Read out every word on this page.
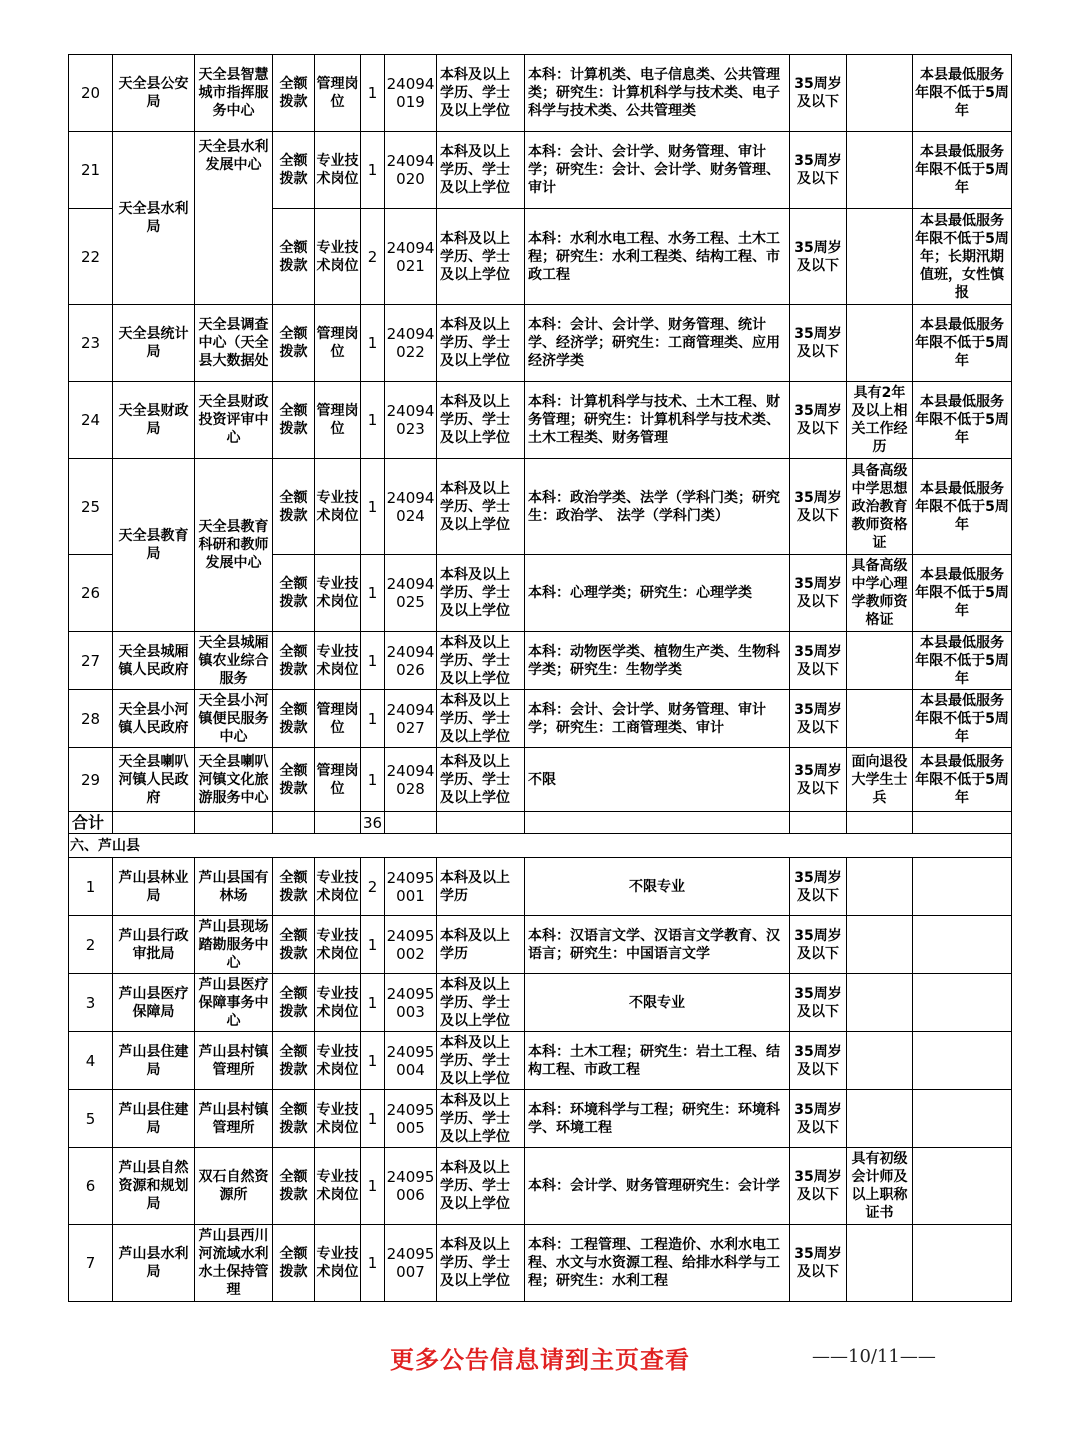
20	天全县公安局	天全县智慧城市指挥服务中心	全额拨款	管理岗位	1	24094019	本科及以上学历、学士及以上学位	本科：计算机类、电子信息类、公共管理类；研究生：计算机科学与技术类、电子科学与技术类、公共管理类	35周岁及以下		本县最低服务年限不低于5周年
21	天全县水利局	天全县水利发展中心	全额拨款	专业技术岗位	1	24094020	本科及以上学历、学士及以上学位	本科：会计、会计学、财务管理、审计学；研究生：会计、会计学、财务管理、审计	35周岁及以下		本县最低服务年限不低于5周年
22			全额拨款	专业技术岗位	2	24094021	本科及以上学历、学士及以上学位	本科：水利水电工程、水务工程、土木工程；研究生：水利工程类、结构工程、市政工程	35周岁及以下		本县最低服务年限不低于5周年；长期汛期值班，女性慎报
23	天全县统计局	天全县调查中心（天全县大数据处	全额拨款	管理岗位	1	24094022	本科及以上学历、学士及以上学位	本科：会计、会计学、财务管理、统计学、经济学；研究生：工商管理类、应用经济学类	35周岁及以下		本县最低服务年限不低于5周年
24	天全县财政局	天全县财政投资评审中心	全额拨款	管理岗位	1	24094023	本科及以上学历、学士及以上学位	本科：计算机科学与技术、土木工程、财务管理；研究生：计算机科学与技术类、土木工程类、财务管理	35周岁及以下	具有2年及以上相关工作经历	本县最低服务年限不低于5周年
25	天全县教育局	天全县教育科研和教师发展中心	全额拨款	专业技术岗位	1	24094024	本科及以上学历、学士及以上学位	本科：政治学类、法学（学科门类；研究生：政治学、 法学（学科门类）	35周岁及以下	具备高级中学思想政治教育教师资格证	本县最低服务年限不低于5周年
26			全额拨款	专业技术岗位	1	24094025	本科及以上学历、学士及以上学位	本科：心理学类；研究生：心理学类	35周岁及以下	具备高级中学心理学教师资格证	本县最低服务年限不低于5周年
27	天全县城厢镇人民政府	天全县城厢镇农业综合服务	全额拨款	专业技术岗位	1	24094026	本科及以上学历、学士及以上学位	本科：动物医学类、植物生产类、生物科学类；研究生：生物学类	35周岁及以下		本县最低服务年限不低于5周年
28	天全县小河镇人民政府	天全县小河镇便民服务中心	全额拨款	管理岗位	1	24094027	本科及以上学历、学士及以上学位	本科：会计、会计学、财务管理、审计学；研究生：工商管理类、审计	35周岁及以下		本县最低服务年限不低于5周年
29	天全县喇叭河镇人民政府	天全县喇叭河镇文化旅游服务中心	全额拨款	管理岗位	1	24094028	本科及以上学历、学士及以上学位	不限	35周岁及以下	面向退役大学生士兵	本县最低服务年限不低于5周年
合计					36						
六、芦山县											
1	芦山县林业局	芦山县国有林场	全额拨款	专业技术岗位	2	24095001	本科及以上学历	不限专业	35周岁及以下		
2	芦山县行政审批局	芦山县现场踏勘服务中心	全额拨款	专业技术岗位	1	24095002	本科及以上学历	本科：汉语言文学、汉语言文学教育、汉语言；研究生：中国语言文学	35周岁及以下		
3	芦山县医疗保障局	芦山县医疗保障事务中心	全额拨款	专业技术岗位	1	24095003	本科及以上学历、学士及以上学位	不限专业	35周岁及以下		
4	芦山县住建局	芦山县村镇管理所	全额拨款	专业技术岗位	1	24095004	本科及以上学历、学士及以上学位	本科：土木工程；研究生：岩土工程、结构工程、市政工程	35周岁及以下		
5	芦山县住建局	芦山县村镇管理所	全额拨款	专业技术岗位	1	24095005	本科及以上学历、学士及以上学位	本科：环境科学与工程；研究生：环境科学、环境工程	35周岁及以下		
6	芦山县自然资源和规划局	双石自然资源所	全额拨款	专业技术岗位	1	24095006	本科及以上学历、学士及以上学位	本科：会计学、财务管理研究生：会计学	35周岁及以下	具有初级会计师及以上职称证书	
7	芦山县水利局	芦山县西川河流域水利水土保持管理	全额拨款	专业技术岗位	1	24095007	本科及以上学历、学士及以上学位	本科：工程管理、工程造价、水利水电工程、水文与水资源工程、给排水科学与工程；研究生：水利工程	35周岁及以下		
更多公告信息请到主页查看	——10/11——
